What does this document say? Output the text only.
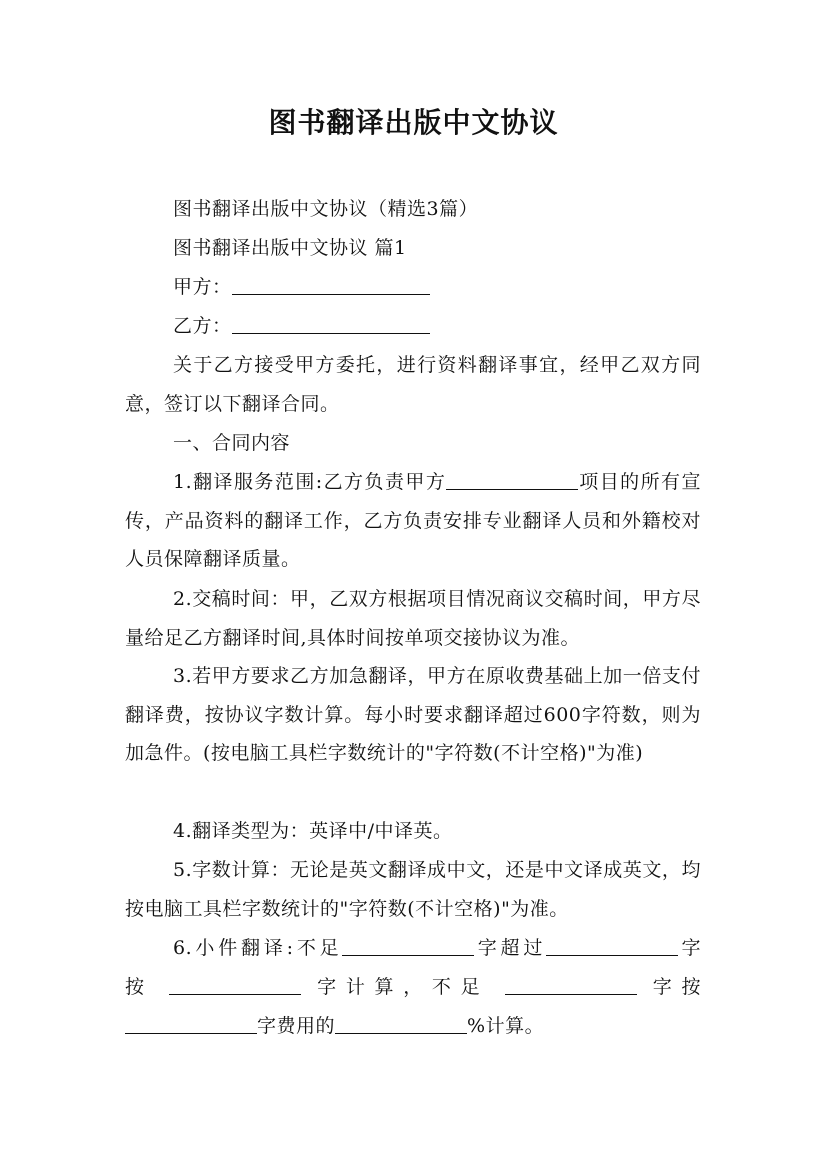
图书翻译出版中文协议
图书翻译出版中文协议（精选3篇）
图书翻译出版中文协议 篇1
甲方：
乙方：
关于乙方接受甲方委托，进行资料翻译事宜，经甲乙双方同意，签订以下翻译合同。
一、合同内容
1.翻译服务范围:乙方负责甲方	项目的所有宣传，产品资料的翻译工作，乙方负责安排专业翻译人员和外籍校对人员保障翻译质量。
2.交稿时间：甲，乙双方根据项目情况商议交稿时间，甲方尽量给足乙方翻译时间,具体时间按单项交接协议为准。
3.若甲方要求乙方加急翻译，甲方在原收费基础上加一倍支付翻译费，按协议字数计算。每小时要求翻译超过600字符数，则为加急件。(按电脑工具栏字数统计的"字符数(不计空格)"为准)
4.翻译类型为：英译中/中译英。
5.字数计算：无论是英文翻译成中文，还是中文译成英文，均按电脑工具栏字数统计的"字符数(不计空格)"为准。
6.小件翻译:不足	字超过	字
按	字计算，不足	字按
字费用的	%计算。
